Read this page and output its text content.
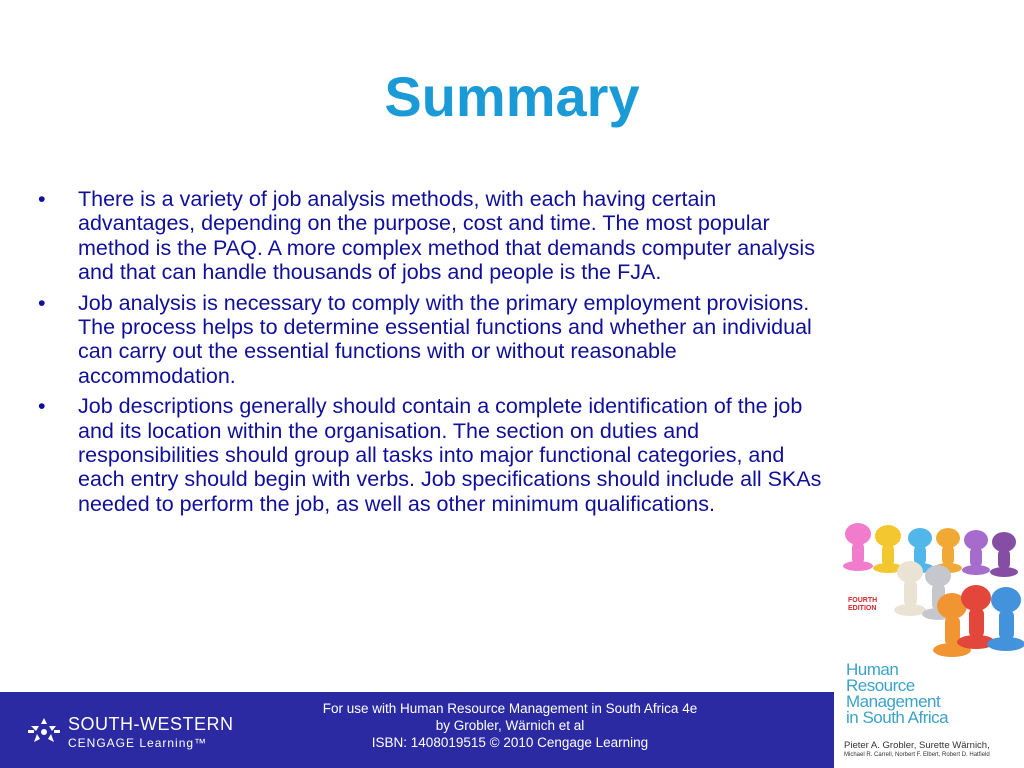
Summary
• There is a variety of job analysis methods, with each having certain advantages, depending on the purpose, cost and time. The most popular method is the PAQ. A more complex method that demands computer analysis and that can handle thousands of jobs and people is the FJA.
• Job analysis is necessary to comply with the primary employment provisions. The process helps to determine essential functions and whether an individual can carry out the essential functions with or without reasonable accommodation.
• Job descriptions generally should contain a complete identification of the job and its location within the organisation. The section on duties and responsibilities should group all tasks into major functional categories, and each entry should begin with verbs. Job specifications should include all SKAs needed to perform the job, as well as other minimum qualifications.
SOUTH-WESTERN
CENGAGE Learning™
For use with Human Resource Management in South Africa 4e
by Grobler, Wärnich et al
ISBN: 1408019515 © 2010 Cengage Learning
FOURTH
EDITION
Human
Resource
Management
in South Africa
Pieter A. Grobler, Surette Wärnich,
Michael R. Carrell, Norbert F. Elbert, Robert D. Hatfield
